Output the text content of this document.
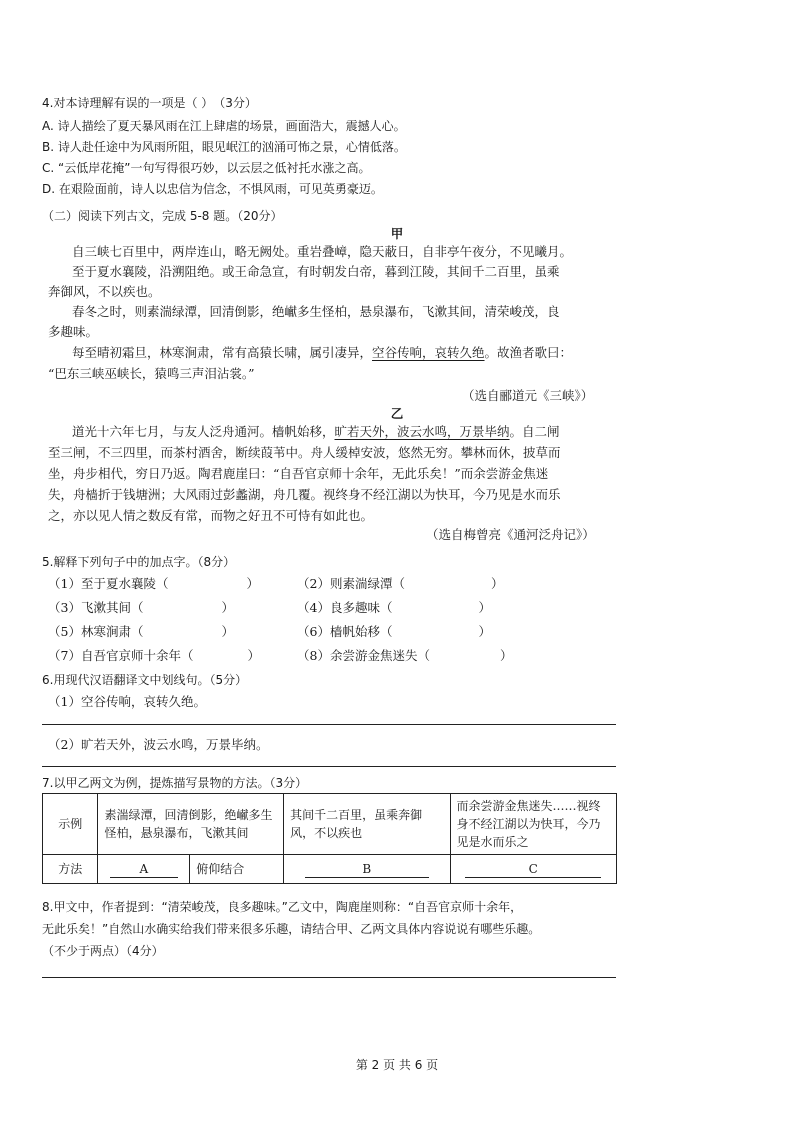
4.对本诗理解有误的一项是（ ）（3分）
A. 诗人描绘了夏天暴风雨在江上肆虐的场景，画面浩大，震撼人心。
B. 诗人赴任途中为风雨所阻，眼见岷江的汹涌可怖之景，心情低落。
C. “云低岸花掩”一句写得很巧妙，以云层之低衬托水涨之高。
D. 在艰险面前，诗人以忠信为信念，不惧风雨，可见英勇豪迈。
（二）阅读下列古文，完成 5-8 题。（20分）
甲
自三峡七百里中，两岸连山，略无阙处。重岩叠嶂，隐天蔽日，自非亭午夜分，不见曦月。
至于夏水襄陵，沿溯阻绝。或王命急宣，有时朝发白帝，暮到江陵，其间千二百里，虽乘
奔御风，不以疾也。
春冬之时，则素湍绿潭，回清倒影，绝𪩘多生怪柏，悬泉瀑布，飞漱其间，清荣峻茂，良
多趣味。
每至晴初霜旦，林寒涧肃，常有高猿长啸，属引凄异，空谷传响，哀转久绝。故渔者歌曰：
“巴东三峡巫峡长，猿鸣三声泪沾裳。”
（选自郦道元《三峡》）
乙
道光十六年七月，与友人泛舟通河。樯帆始移，旷若天外，波云水鸣，万景毕纳。自二闸
至三闸，不三四里，而茶村酒舍，断续葭苇中。舟人缓棹安波，悠然无穷。攀林而休，披草而
坐，舟步相代，穷日乃返。陶君鹿崖曰：“自吾官京师十余年，无此乐矣！”而余尝游金焦迷
失，舟樯折于钱塘洲；大风雨过彭蠡湖，舟几覆。视终身不经江湖以为快耳，今乃见是水而乐
之，亦以见人情之数反有常，而物之好丑不可恃有如此也。
（选自梅曾亮《通河泛舟记》）
5.解释下列句子中的加点字。（8分）
（1）至于夏水襄陵（	）	（2）则素湍绿潭（	）
（3）飞漱其间（	）	（4）良多趣味（	）
（5）林寒涧肃（	）	（6）樯帆始移（	）
（7）自吾官京师十余年（	）	（8）余尝游金焦迷失（	）
6.用现代汉语翻译文中划线句。（5分）
（1）空谷传响，哀转久绝。
（2）旷若天外，波云水鸣，万景毕纳。
7.以甲乙两文为例，提炼描写景物的方法。（3分）
示例	素湍绿潭，回清倒影，绝𪩘多生怪柏，悬泉瀑布，飞漱其间		其间千二百里，虽乘奔御风，不以疾也	而余尝游金焦迷失……视终身不经江湖以为快耳，今乃见是水而乐之
方法	A	俯仰结合	B	C
8.甲文中，作者提到：“清荣峻茂，良多趣味。”乙文中，陶鹿崖则称：“自吾官京师十余年，
无此乐矣！”自然山水确实给我们带来很多乐趣，请结合甲、乙两文具体内容说说有哪些乐趣。
（不少于两点）（4分）
第 2 页 共 6 页
